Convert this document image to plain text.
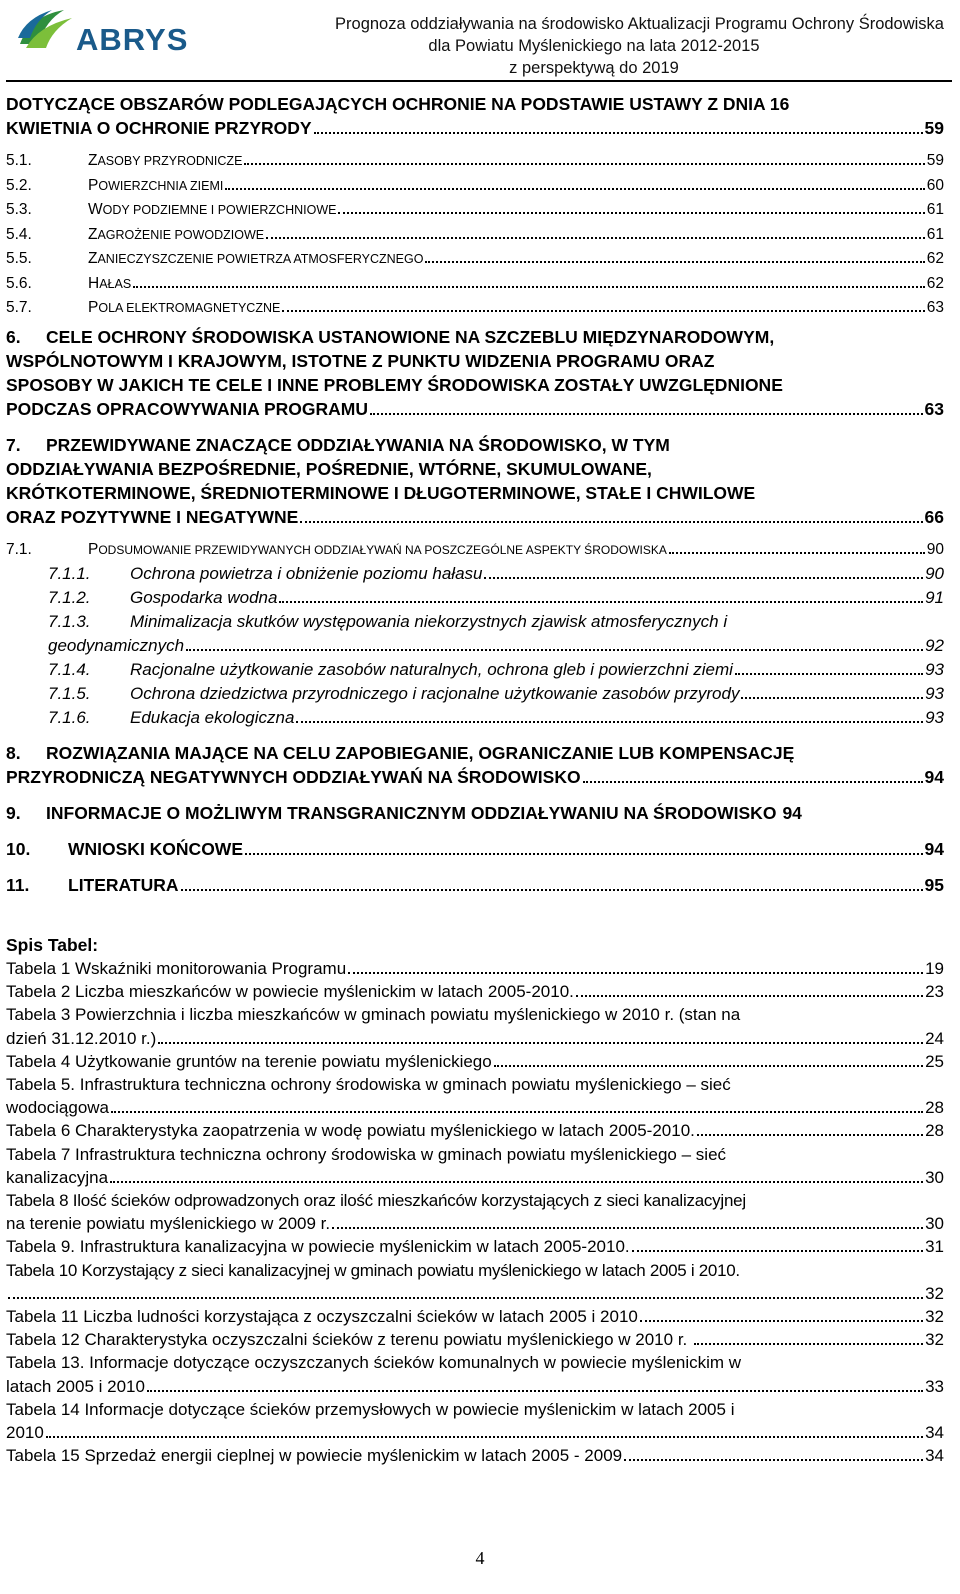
ABRYS	Prognoza oddziaływania na środowisko Aktualizacji Programu Ochrony Środowiska
dla Powiatu Myślenickiego na lata 2012-2015
z perspektywą do 2019
DOTYCZĄCE OBSZARÓW PODLEGAJĄCYCH OCHRONIE NA PODSTAWIE USTAWY Z DNIA 16
KWIETNIA O OCHRONIE PRZYRODY	59
5.1.	ZASOBY PRZYRODNICZE	59
5.2.	POWIERZCHNIA ZIEMI	60
5.3.	WODY PODZIEMNE I POWIERZCHNIOWE	61
5.4.	ZAGROŻENIE POWODZIOWE	61
5.5.	ZANIECZYSZCZENIE POWIETRZA ATMOSFERYCZNEGO	62
5.6.	HAŁAS	62
5.7.	POLA ELEKTROMAGNETYCZNE	63
6. CELE OCHRONY ŚRODOWISKA USTANOWIONE NA SZCZEBLU MIĘDZYNARODOWYM,
WSPÓLNOTOWYM I KRAJOWYM, ISTOTNE Z PUNKTU WIDZENIA PROGRAMU ORAZ
SPOSOBY W JAKICH TE CELE I INNE PROBLEMY ŚRODOWISKA ZOSTAŁY UWZGLĘDNIONE
PODCZAS OPRACOWYWANIA PROGRAMU	63
7. PRZEWIDYWANE ZNACZĄCE ODDZIAŁYWANIA NA ŚRODOWISKO, W TYM
ODDZIAŁYWANIA BEZPOŚREDNIE, POŚREDNIE, WTÓRNE, SKUMULOWANE,
KRÓTKOTERMINOWE, ŚREDNIOTERMINOWE I DŁUGOTERMINOWE, STAŁE I CHWILOWE
ORAZ POZYTYWNE I NEGATYWNE	66
7.1.	PODSUMOWANIE PRZEWIDYWANYCH ODDZIAŁYWAŃ NA POSZCZEGÓLNE ASPEKTY ŚRODOWISKA	90
7.1.1.	Ochrona powietrza i obniżenie poziomu hałasu	90
7.1.2.	Gospodarka wodna	91
7.1.3. Minimalizacja skutków występowania niekorzystnych zjawisk atmosferycznych i
geodynamicznych	92
7.1.4.	Racjonalne użytkowanie zasobów naturalnych, ochrona gleb i powierzchni ziemi	93
7.1.5.	Ochrona dziedzictwa przyrodniczego i racjonalne użytkowanie zasobów przyrody	93
7.1.6.	Edukacja ekologiczna	93
8. ROZWIĄZANIA MAJĄCE NA CELU ZAPOBIEGANIE, OGRANICZANIE LUB KOMPENSACJĘ
PRZYRODNICZĄ NEGATYWNYCH ODDZIAŁYWAŃ NA ŚRODOWISKO	94
9.	INFORMACJE O MOŻLIWYM TRANSGRANICZNYM ODDZIAŁYWANIU NA ŚRODOWISKO 94
10.	WNIOSKI KOŃCOWE	94
11.	LITERATURA	95
Spis Tabel:
Tabela 1 Wskaźniki monitorowania Programu	19
Tabela 2 Liczba mieszkańców w powiecie myślenickim w latach 2005-2010.	23
Tabela 3 Powierzchnia i liczba mieszkańców w gminach powiatu myślenickiego w 2010 r. (stan na
dzień 31.12.2010 r.)	24
Tabela 4 Użytkowanie gruntów na terenie powiatu myślenickiego	25
Tabela 5. Infrastruktura techniczna ochrony środowiska w gminach powiatu myślenickiego – sieć
wodociągowa	28
Tabela 6 Charakterystyka zaopatrzenia w wodę powiatu myślenickiego w latach 2005-2010.	28
Tabela 7 Infrastruktura techniczna ochrony środowiska w gminach powiatu myślenickiego – sieć
kanalizacyjna	30
Tabela 8 Ilość ścieków odprowadzonych oraz ilość mieszkańców korzystających z sieci kanalizacyjnej
na terenie powiatu myślenickiego w 2009 r.	30
Tabela 9. Infrastruktura kanalizacyjna w powiecie myślenickim w latach 2005-2010.	31
Tabela 10 Korzystający z sieci kanalizacyjnej w gminach powiatu myślenickiego w latach 2005 i 2010.
32
Tabela 11 Liczba ludności korzystająca z oczyszczalni ścieków w latach 2005 i 2010	32
Tabela 12 Charakterystyka oczyszczalni ścieków z terenu powiatu myślenickiego w 2010 r.	32
Tabela 13. Informacje dotyczące oczyszczanych ścieków komunalnych w powiecie myślenickim w
latach 2005 i 2010	33
Tabela 14 Informacje dotyczące ścieków przemysłowych w powiecie myślenickim w latach 2005 i
2010	34
Tabela 15 Sprzedaż energii cieplnej w powiecie myślenickim w latach 2005 - 2009	34
4
